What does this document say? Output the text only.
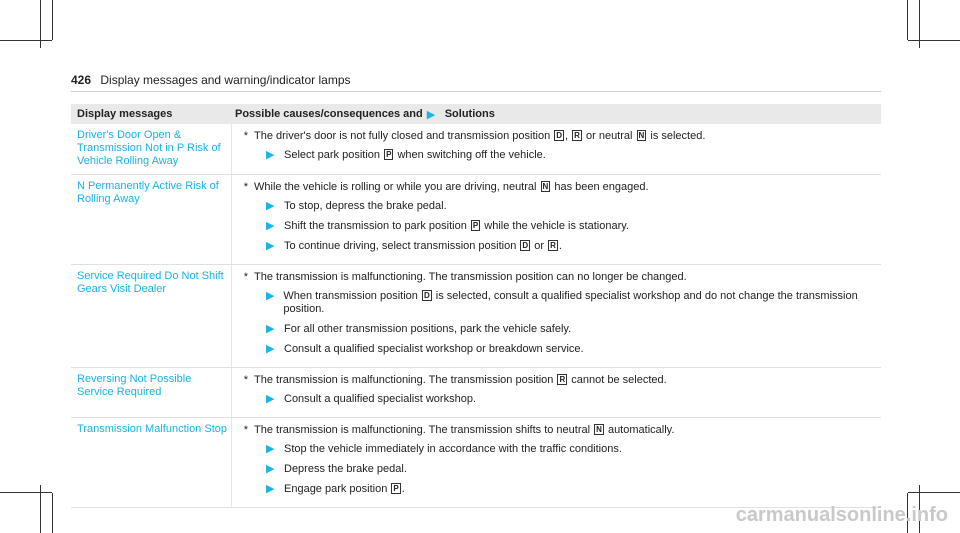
426 Display messages and warning/indicator lamps
Display messages	Possible causes/consequences and ▶ Solutions
Driver's Door Open & Transmission Not in P Risk of Vehicle Rolling Away
* The driver's door is not fully closed and transmission position D , R or neutral N is selected.
▶ Select park position P when switching off the vehicle.
N Permanently Active Risk of Rolling Away
* While the vehicle is rolling or while you are driving, neutral N has been engaged.
▶ To stop, depress the brake pedal.
▶ Shift the transmission to park position P while the vehicle is stationary.
▶ To continue driving, select transmission position D or R .
Service Required Do Not Shift Gears Visit Dealer
* The transmission is malfunctioning. The transmission position can no longer be changed.
▶ When transmission position D is selected, consult a qualified specialist workshop and do not change the transmission position.
▶ For all other transmission positions, park the vehicle safely.
▶ Consult a qualified specialist workshop or breakdown service.
Reversing Not Possible Service Required
* The transmission is malfunctioning. The transmission position R cannot be selected.
▶ Consult a qualified specialist workshop.
Transmission Malfunction Stop	* The transmission is malfunctioning. The transmission shifts to neutral N automatically.
▶ Stop the vehicle immediately in accordance with the traffic conditions.
▶ Depress the brake pedal.
▶ Engage park position P .
carmanualsonline.info
